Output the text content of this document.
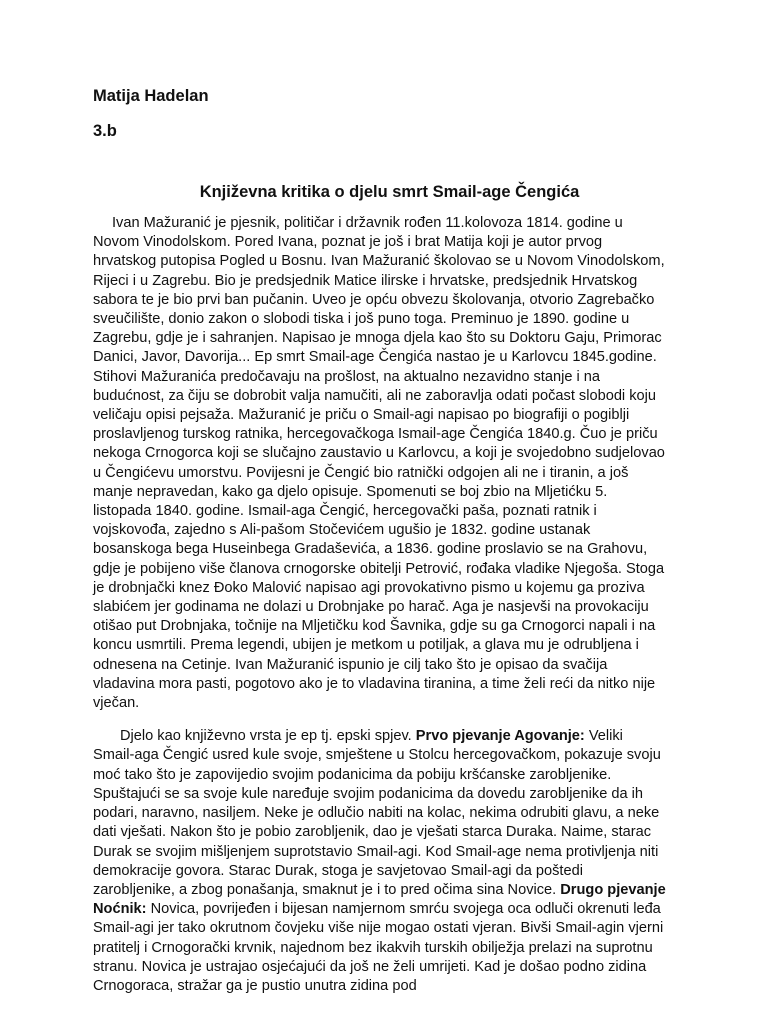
Matija Hadelan

3.b

Književna kritika o djelu smrt Smail-age Čengića

Ivan Mažuranić je pjesnik, političar i državnik rođen 11.kolovoza 1814. godine u Novom Vinodolskom. Pored Ivana, poznat je još i brat Matija koji je autor prvog hrvatskog putopisa Pogled u Bosnu. Ivan Mažuranić školovao se u Novom Vinodolskom, Rijeci i u Zagrebu. Bio je predsjednik Matice ilirske i hrvatske, predsjednik Hrvatskog sabora te je bio prvi ban pučanin. Uveo je opću obvezu školovanja, otvorio Zagrebačko sveučilište, donio zakon o slobodi tiska i još puno toga. Preminuo je 1890. godine u Zagrebu, gdje je i sahranjen. Napisao je mnoga djela kao što su Doktoru Gaju, Primorac Danici, Javor, Davorija... Ep smrt Smail-age Čengića nastao je u Karlovcu 1845.godine. Stihovi Mažuranića predočavaju na prošlost, na aktualno nezavidno stanje i na budućnost, za čiju se dobrobit valja namučiti, ali ne zaboravlja odati počast slobodi koju veličaju opisi pejsaža. Mažuranić je priču o Smail-agi napisao po biografiji o pogiblji proslavljenog turskog ratnika, hercegovačkoga Ismail-age Čengića 1840.g. Čuo je priču nekoga Crnogorca koji se slučajno zaustavio u Karlovcu, a koji je svojedobno sudjelovao u Čengićevu umorstvu. Povijesni je Čengić bio ratnički odgojen ali ne i tiranin, a još manje nepravedan, kako ga djelo opisuje. Spomenuti se boj zbio na Mljetićku 5. listopada 1840. godine. Ismail-aga Čengić, hercegovački paša, poznati ratnik i vojskovođa, zajedno s Ali-pašom Stočevićem ugušio je 1832. godine ustanak bosanskoga bega Huseinbega Gradaševića, a 1836. godine proslavio se na Grahovu, gdje je pobijeno više članova crnogorske obitelji Petrović, rođaka vladike Njegoša. Stoga je drobnjački knez Đoko Malović napisao agi provokativno pismo u kojemu ga proziva slabićem jer godinama ne dolazi u Drobnjake po harač. Aga je nasjevši na provokaciju otišao put Drobnjaka, točnije na Mljetičku kod Šavnika, gdje su ga Crnogorci napali i na koncu usmrtili. Prema legendi, ubijen je metkom u potiljak, a glava mu je odrubljena i odnesena na Cetinje. Ivan Mažuranić ispunio je cilj tako što je opisao da svačija vladavina mora pasti, pogotovo ako je to vladavina tiranina, a time želi reći da nitko nije vječan.

Djelo kao književno vrsta je ep tj. epski spjev. Prvo pjevanje Agovanje: Veliki Smail-aga Čengić usred kule svoje, smještene u Stolcu hercegovačkom, pokazuje svoju moć tako što je zapovijedio svojim podanicima da pobiju kršćanske zarobljenike. Spuštajući se sa svoje kule naređuje svojim podanicima da dovedu zarobljenike da ih podari, naravno, nasiljem. Neke je odlučio nabiti na kolac, nekima odrubiti glavu, a neke dati vješati. Nakon što je pobio zarobljenik, dao je vješati starca Duraka. Naime, starac Durak se svojim mišljenjem suprotstavio Smail-agi. Kod Smail-age nema protivljenja niti demokracije govora. Starac Durak, stoga je savjetovao Smail-agi da poštedi zarobljenike, a zbog ponašanja, smaknut je i to pred očima sina Novice. Drugo pjevanje Noćnik: Novica, povrijeđen i bijesan namjernom smrću svojega oca odluči okrenuti leđa Smail-agi jer tako okrutnom čovjeku više nije mogao ostati vjeran. Bivši Smail-agin vjerni pratitelj i Crnogorački krvnik, najednom bez ikakvih turskih obilježja prelazi na suprotnu stranu. Novica je ustrajao osjećajući da još ne želi umrijeti. Kad je došao podno zidina Crnogoraca, stražar ga je pustio unutra zidina pod
